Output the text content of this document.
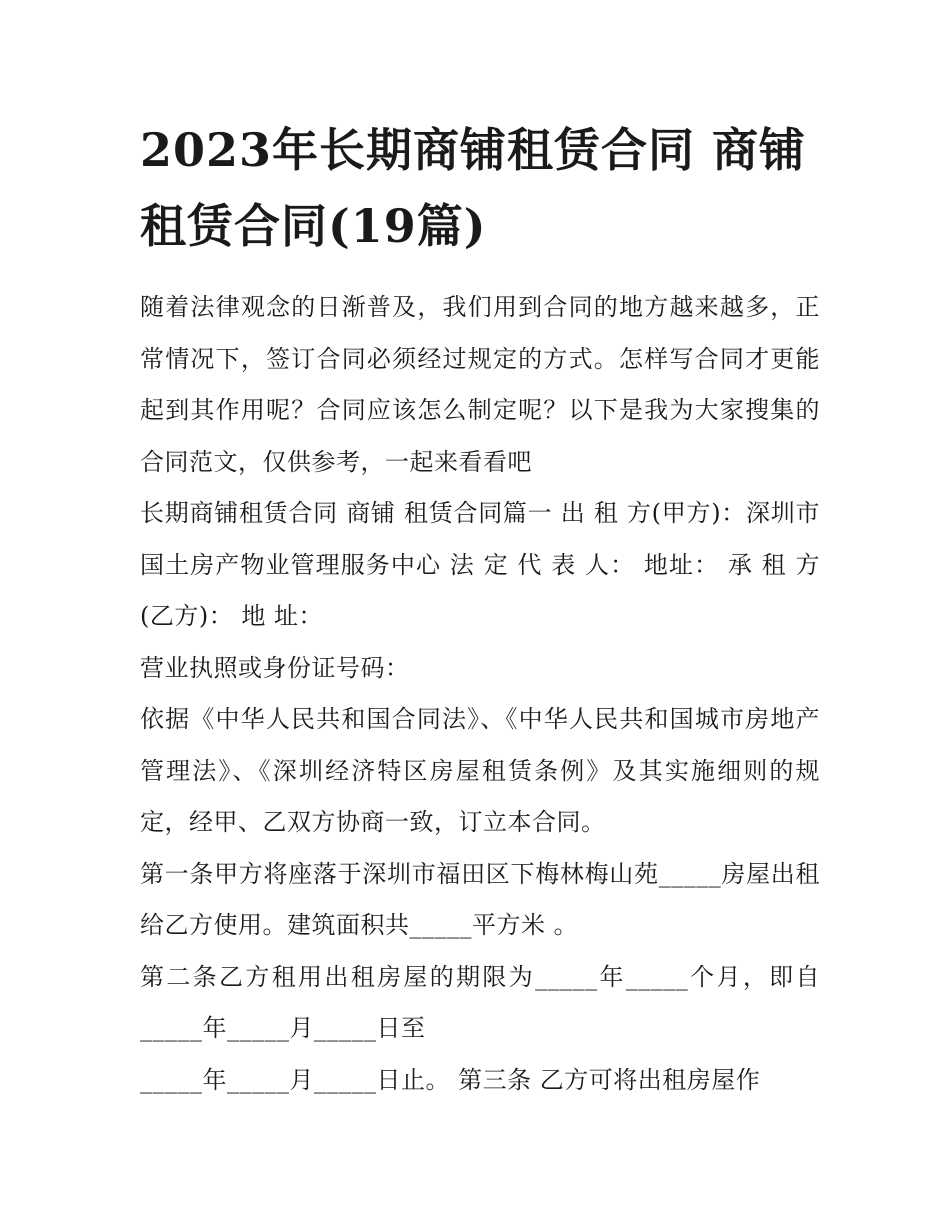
2023年长期商铺租赁合同 商铺 租赁合同(19篇)

随着法律观念的日渐普及，我们用到合同的地方越来越多，正常情况下，签订合同必须经过规定的方式。怎样写合同才更能起到其作用呢？合同应该怎么制定呢？以下是我为大家搜集的合同范文，仅供参考，一起来看看吧

长期商铺租赁合同 商铺 租赁合同篇一 出 租 方(甲方)：深圳市国土房产物业管理服务中心 法 定 代 表 人： 地址： 承 租 方(乙方)： 地 址：

营业执照或身份证号码：

依据《中华人民共和国合同法》、《中华人民共和国城市房地产管理法》、《深圳经济特区房屋租赁条例》及其实施细则的规定，经甲、乙双方协商一致，订立本合同。

第一条甲方将座落于深圳市福田区下梅林梅山苑_____房屋出租给乙方使用。建筑面积共_____平方米 。

第二条乙方租用出租房屋的期限为_____年_____个月，即自_____年_____月_____日至

_____年_____月_____日止。 第三条 乙方可将出租房屋作
